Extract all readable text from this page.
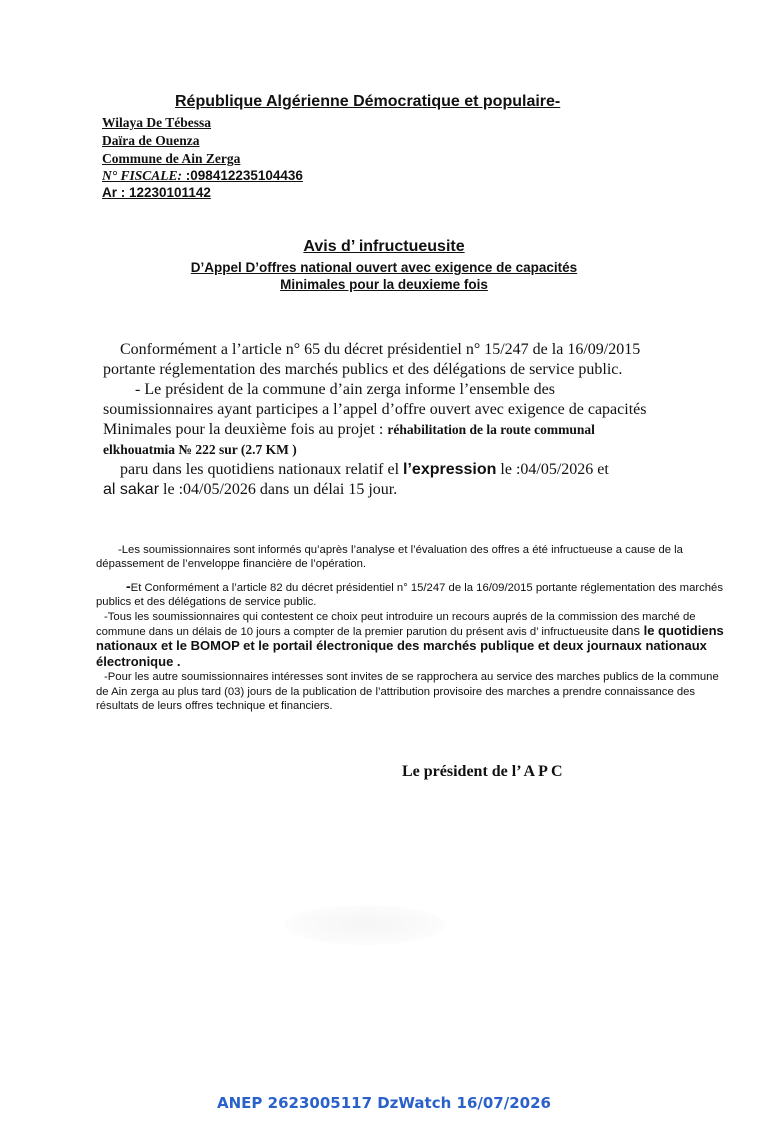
République Algérienne Démocratique et populaire-
Wilaya De Tébessa
Daïra de Ouenza
Commune de Ain Zerga
N° FISCALE: :098412235104436
Ar : 12230101142
Avis d’ infructueusite
D’Appel D’offres national ouvert avec exigence de capacités
Minimales pour la deuxieme fois

Conformément a l’article n° 65 du décret présidentiel n° 15/247 de la 16/09/2015 portante réglementation des marchés publics et des délégations de service public.

- Le président de la commune d’ain zerga informe l’ensemble des soumissionnaires ayant participes a l’appel d’offre ouvert avec exigence de capacités Minimales pour la deuxième fois au projet : réhabilitation de la route communal elkhouatmia № 222 sur (2.7 KM )

paru dans les quotidiens nationaux relatif el l’expression le :04/05/2026 et
al sakar le :04/05/2026 dans un délai 15 jour.

-Les soumissionnaires sont informés qu’après l’analyse et l’évaluation des offres a été infructueuse a cause de la dépassement de l’enveloppe financière de l’opération.

-Et Conformément a l’article 82 du décret présidentiel n° 15/247 de la 16/09/2015 portante réglementation des marchés publics et des délégations de service public.

-Tous les soumissionnaires qui contestent ce choix peut introduire un recours auprés de la commission des marché de commune dans un délais de 10 jours a compter de la premier parution du présent avis d’ infructueusite dans le quotidiens nationaux et le BOMOP et le portail électronique des marchés publique et deux journaux nationaux électronique .

-Pour les autre soumissionnaires intéresses sont invites de se rapprochera au service des marches publics de la commune de Ain zerga au plus tard (03) jours de la publication de l’attribution provisoire des marches a prendre connaissance des résultats de leurs offres technique et financiers.

Le président de l’ A P C
ANEP 2623005117 DzWatch 16/07/2026
